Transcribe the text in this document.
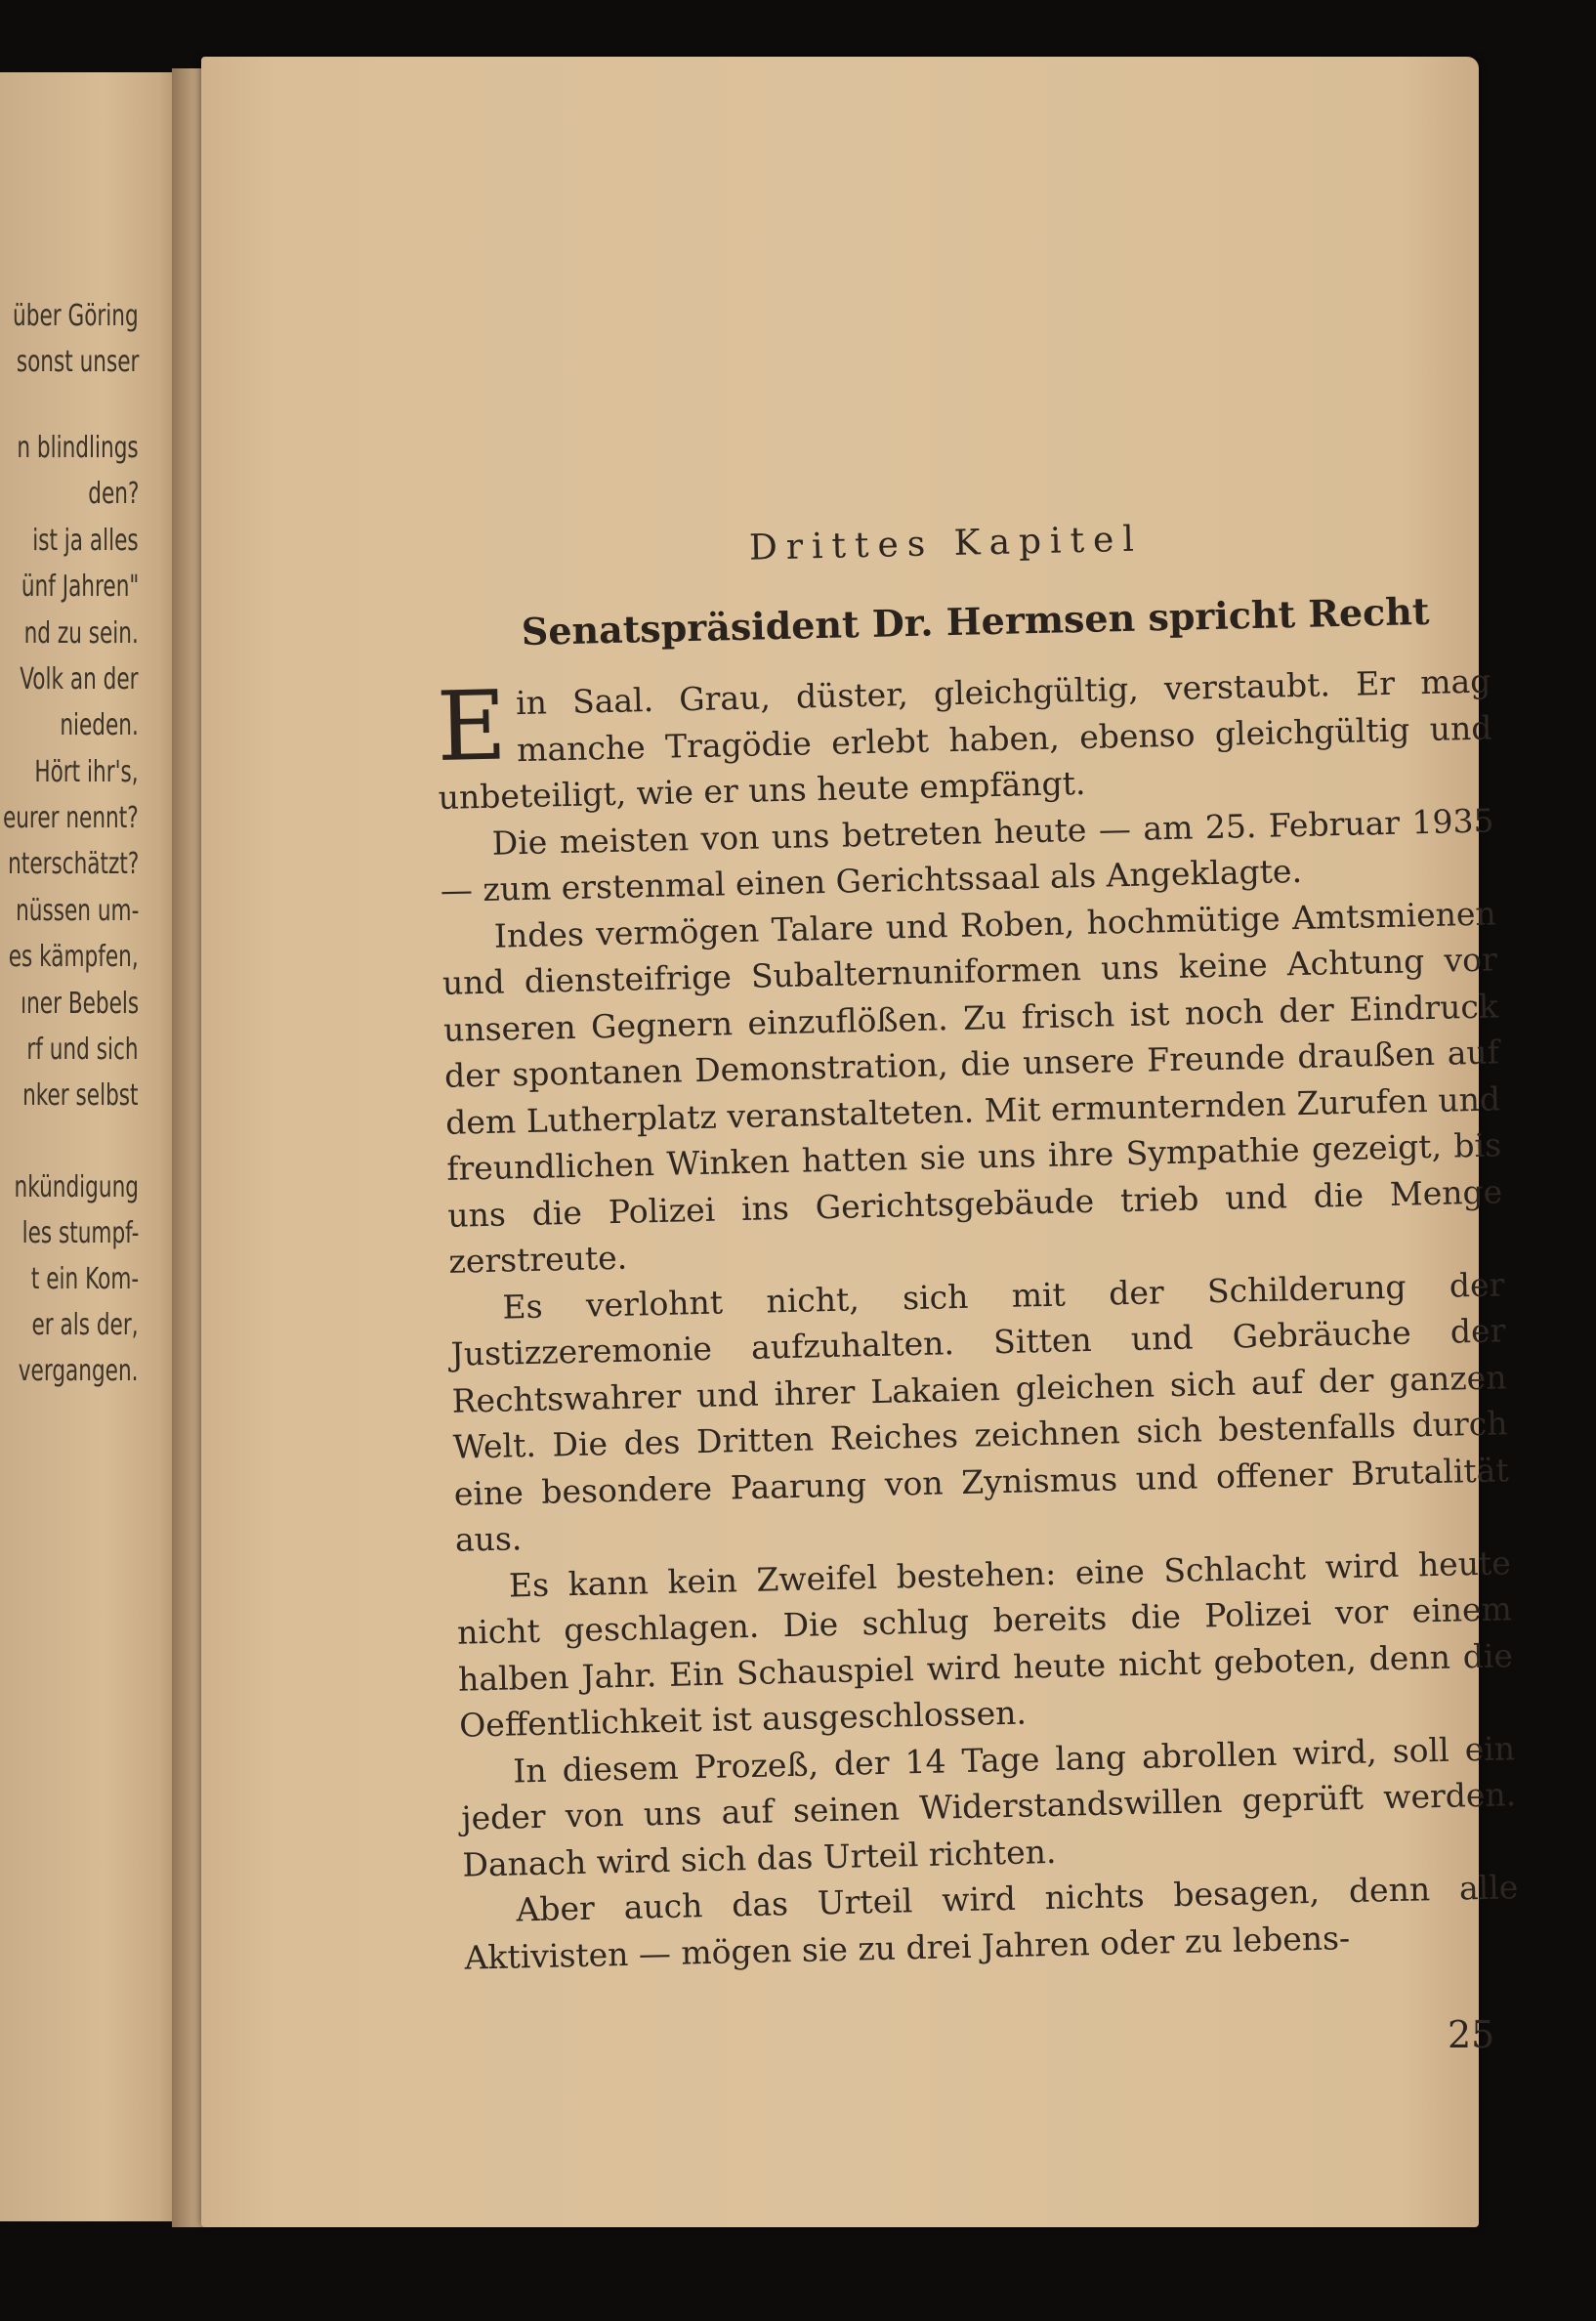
über Göring
sonst unser
n blindlings
den?
ist ja alles
ünf Jahren"
nd zu sein.
Volk an der
nieden.
Hört ihr's,
eurer nennt?
nterschätzt?
nüssen um-
es kämpfen,
ıner Bebels
rf und sich
nker selbst
nkündigung
les stumpf-
t ein Kom-
er als der,
vergangen.
Drittes Kapitel
Senatspräsident Dr. Hermsen spricht Recht

Ein Saal. Grau, düster, gleichgültig, verstaubt. Er mag manche Tragödie erlebt haben, ebenso gleichgültig und unbeteiligt, wie er uns heute empfängt.

Die meisten von uns betreten heute — am 25. Februar 1935 — zum erstenmal einen Gerichtssaal als Angeklagte.

Indes vermögen Talare und Roben, hochmütige Amtsmienen und diensteifrige Subalternuniformen uns keine Achtung vor unseren Gegnern einzuflößen. Zu frisch ist noch der Eindruck der spontanen Demonstration, die unsere Freunde draußen auf dem Lutherplatz veranstalteten. Mit ermunternden Zurufen und freundlichen Winken hatten sie uns ihre Sympathie gezeigt, bis uns die Polizei ins Gerichtsgebäude trieb und die Menge zerstreute.

Es verlohnt nicht, sich mit der Schilderung der Justizzeremonie aufzuhalten. Sitten und Gebräuche der Rechtswahrer und ihrer Lakaien gleichen sich auf der ganzen Welt. Die des Dritten Reiches zeichnen sich bestenfalls durch eine besondere Paarung von Zynismus und offener Brutalität aus.

Es kann kein Zweifel bestehen: eine Schlacht wird heute nicht geschlagen. Die schlug bereits die Polizei vor einem halben Jahr. Ein Schauspiel wird heute nicht geboten, denn die Oeffentlichkeit ist ausgeschlossen.

In diesem Prozeß, der 14 Tage lang abrollen wird, soll ein jeder von uns auf seinen Widerstandswillen geprüft werden. Danach wird sich das Urteil richten.

Aber auch das Urteil wird nichts besagen, denn alle Aktivisten — mögen sie zu drei Jahren oder zu lebens-

25
